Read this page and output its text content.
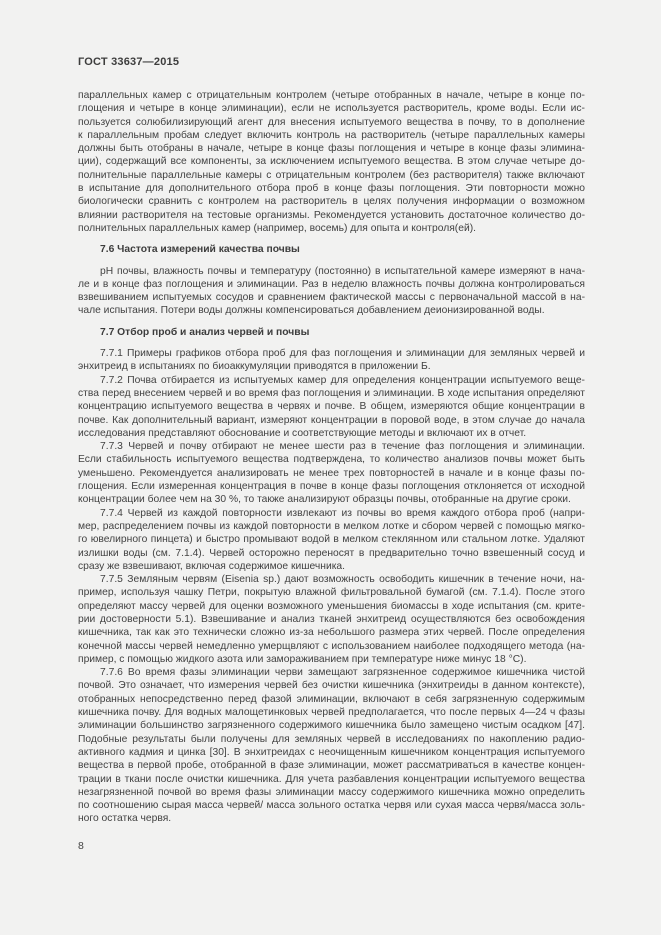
ГОСТ 33637—2015
параллельных камер с отрицательным контролем (четыре отобранных в начале, четыре в конце по-
глощения и четыре в конце элиминации), если не используется растворитель, кроме воды. Если ис-
пользуется солюбилизирующий агент для внесения испытуемого вещества в почву, то в дополнение
к параллельным пробам следует включить контроль на растворитель (четыре параллельных камеры
должны быть отобраны в начале, четыре в конце фазы поглощения и четыре в конце фазы элимина-
ции), содержащий все компоненты, за исключением испытуемого вещества. В этом случае четыре до-
полнительные параллельные камеры с отрицательным контролем (без растворителя) также включают
в испытание для дополнительного отбора проб в конце фазы поглощения. Эти повторности можно
биологически сравнить с контролем на растворитель в целях получения информации о возможном
влиянии растворителя на тестовые организмы. Рекомендуется установить достаточное количество до-
полнительных параллельных камер (например, восемь) для опыта и контроля(ей).
7.6 Частота измерений качества почвы
pH почвы, влажность почвы и температуру (постоянно) в испытательной камере измеряют в нача-
ле и в конце фаз поглощения и элиминации. Раз в неделю влажность почвы должна контролироваться
взвешиванием испытуемых сосудов и сравнением фактической массы с первоначальной массой в на-
чале испытания. Потери воды должны компенсироваться добавлением деионизированной воды.
7.7 Отбор проб и анализ червей и почвы
7.7.1 Примеры графиков отбора проб для фаз поглощения и элиминации для земляных червей и
энхитреид в испытаниях по биоаккумуляции приводятся в приложении Б.
7.7.2 Почва отбирается из испытуемых камер для определения концентрации испытуемого веще-
ства перед внесением червей и во время фаз поглощения и элиминации. В ходе испытания определяют
концентрацию испытуемого вещества в червях и почве. В общем, измеряются общие концентрации в
почве. Как дополнительный вариант, измеряют концентрации в поровой воде, в этом случае до начала
исследования представляют обоснование и соответствующие методы и включают их в отчет.
7.7.3 Червей и почву отбирают не менее шести раз в течение фаз поглощения и элиминации.
Если стабильность испытуемого вещества подтверждена, то количество анализов почвы может быть
уменьшено. Рекомендуется анализировать не менее трех повторностей в начале и в конце фазы по-
глощения. Если измеренная концентрация в почве в конце фазы поглощения отклоняется от исходной
концентрации более чем на 30 %, то также анализируют образцы почвы, отобранные на другие сроки.
7.7.4 Червей из каждой повторности извлекают из почвы во время каждого отбора проб (напри-
мер, распределением почвы из каждой повторности в мелком лотке и сбором червей с помощью мягко-
го ювелирного пинцета) и быстро промывают водой в мелком стеклянном или стальном лотке. Удаляют
излишки воды (см. 7.1.4). Червей осторожно переносят в предварительно точно взвешенный сосуд и
сразу же взвешивают, включая содержимое кишечника.
7.7.5 Земляным червям (Eisenia sp.) дают возможность освободить кишечник в течение ночи, на-
пример, используя чашку Петри, покрытую влажной фильтровальной бумагой (см. 7.1.4). После этого
определяют массу червей для оценки возможного уменьшения биомассы в ходе испытания (см. крите-
рии достоверности 5.1). Взвешивание и анализ тканей энхитреид осуществляются без освобождения
кишечника, так как это технически сложно из-за небольшого размера этих червей. После определения
конечной массы червей немедленно умерщвляют с использованием наиболее подходящего метода (на-
пример, с помощью жидкого азота или замораживанием при температуре ниже минус 18 °C).
7.7.6 Во время фазы элиминации черви замещают загрязненное содержимое кишечника чистой
почвой. Это означает, что измерения червей без очистки кишечника (энхитреиды в данном контексте),
отобранных непосредственно перед фазой элиминации, включают в себя загрязненную содержимым
кишечника почву. Для водных малощетинковых червей предполагается, что после первых 4—24 ч фазы
элиминации большинство загрязненного содержимого кишечника было замещено чистым осадком [47].
Подобные результаты были получены для земляных червей в исследованиях по накоплению радио-
активного кадмия и цинка [30]. В энхитреидах с неочищенным кишечником концентрация испытуемого
вещества в первой пробе, отобранной в фазе элиминации, может рассматриваться в качестве концен-
трации в ткани после очистки кишечника. Для учета разбавления концентрации испытуемого вещества
незагрязненной почвой во время фазы элиминации массу содержимого кишечника можно определить
по соотношению сырая масса червей/ масса зольного остатка червя или сухая масса червя/масса золь-
ного остатка червя.
8
